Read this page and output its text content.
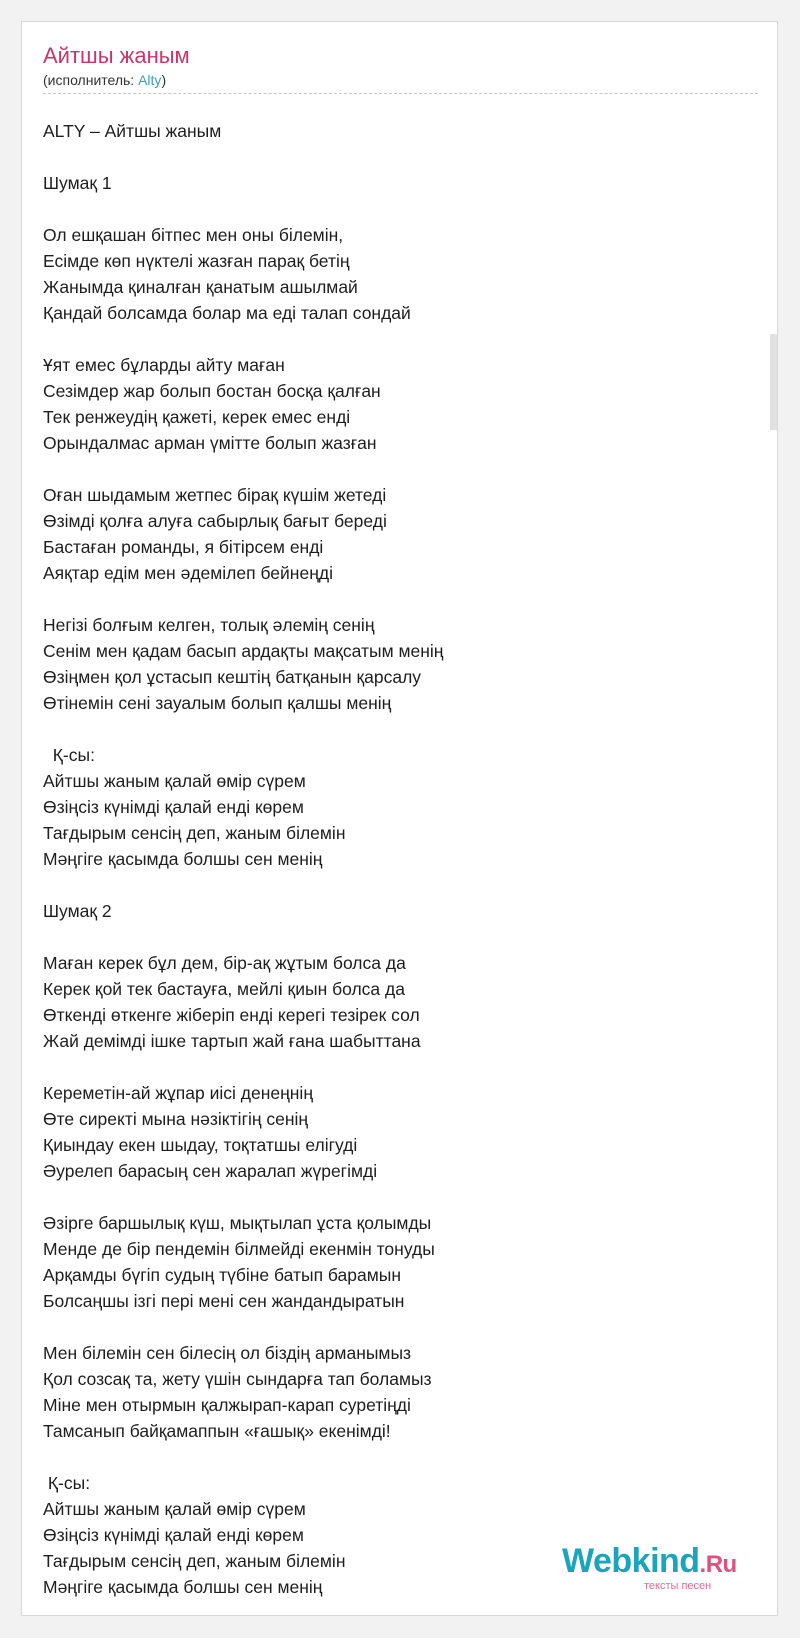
Айтшы жаным
(исполнитель: Alty)
ALTY – Айтшы жаным
Шумақ 1
Ол ешқашан бітпес мен оны білемін,
Есімде көп нүктелі жазған парақ бетің
Жанымда қиналған қанатым ашылмай
Қандай болсамда болар ма еді талап сондай
Ұят емес бұларды айту маған
Сезімдер жар болып бостан босқа қалған
Тек ренжеудің қажеті, керек емес енді
Орындалмас арман үмітте болып жазған
Оған шыдамым жетпес бірақ күшім жетеді
Өзімді қолға алуға сабырлық бағыт береді
Бастаған романды, я бітірсем енді
Аяқтар едім мен әдемілеп бейнеңді
Негізі болғым келген, толық әлемің сенің
Сенім мен қадам басып ардақты мақсатым менің
Өзіңмен қол ұстасып кештің батқанын қарсалу
Өтінемін сені зауалым болып қалшы менің
Қ-сы:
Айтшы жаным қалай өмір сүрем
Өзіңсіз күнімді қалай енді көрем
Тағдырым сенсің деп, жаным білемін
Мәңгіге қасымда болшы сен менің
Шумақ 2
Маған керек бұл дем, бір-ақ жұтым болса да
Керек қой тек бастауға, мейлі қиын болса да
Өткенді өткенге жіберіп енді керегі тезірек сол
Жай демімді ішке тартып жай ғана шабыттана
Кереметін-ай жұпар иісі денеңнің
Өте сиректі мына нәзіктігің сенің
Қиындау екен шыдау, тоқтатшы елігуді
Әурелеп барасың сен жаралап жүрегімді
Әзірге баршылық күш, мықтылап ұста қолымды
Менде де бір пендемін білмейді екенмін тонуды
Арқамды бүгіп судың түбіне батып барамын
Болсаңшы ізгі пері мені сен жандандыратын
Мен білемін сен білесің ол біздің арманымыз
Қол созсақ та, жету үшін сындарға тап боламыз
Міне мен отырмын қалжырап-карап суретіңді
Тамсанып байқамаппын «ғашық» екенімді!
Қ-сы:
Айтшы жаным қалай өмір сүрем
Өзіңсіз күнімді қалай енді көрем
Тағдырым сенсің деп, жаным білемін
Мәңгіге қасымда болшы сен менің
Webkind.Ru
тексты песен
